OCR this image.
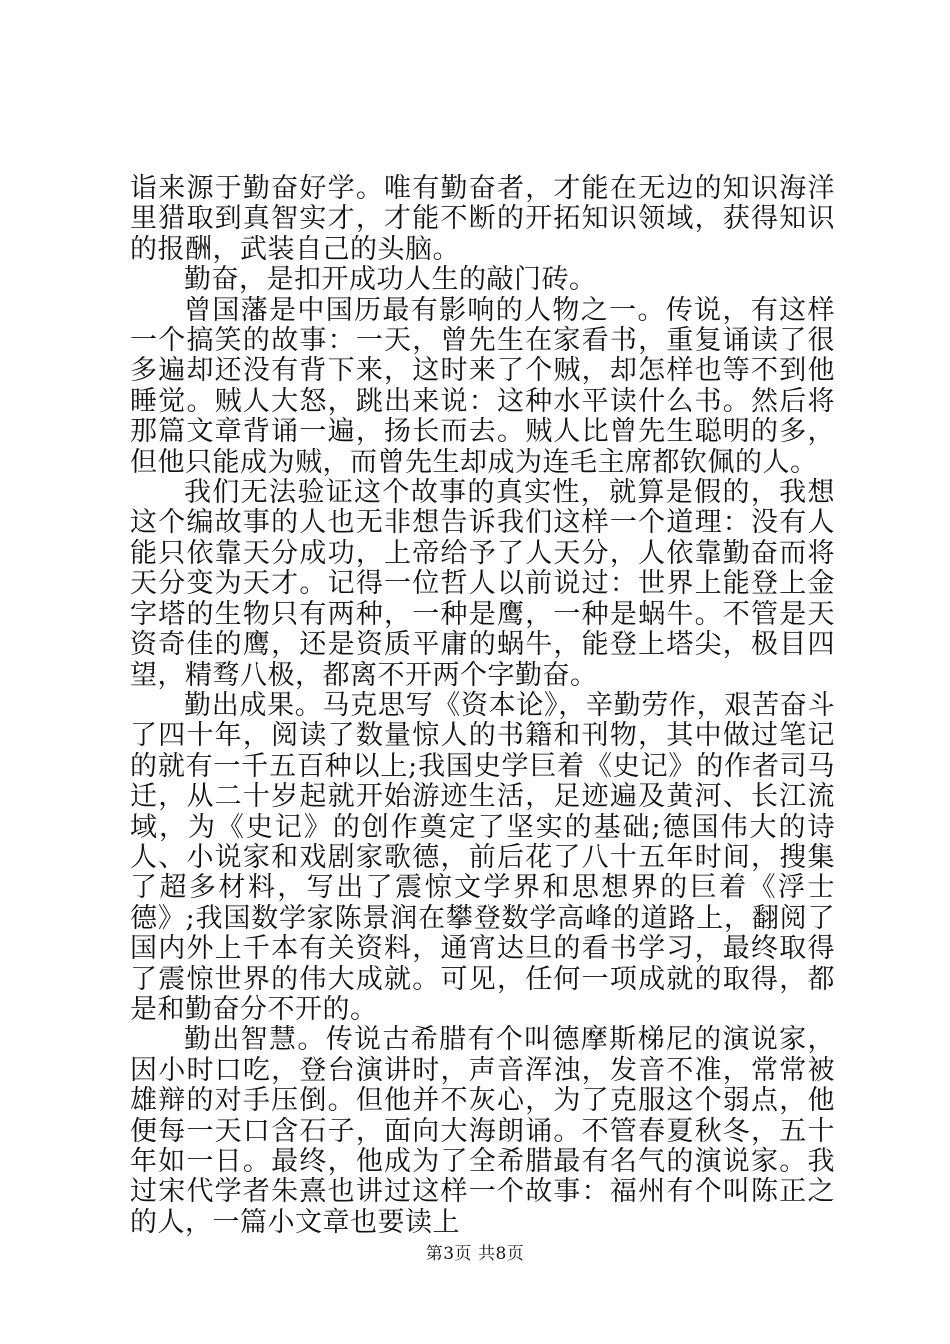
诣来源于勤奋好学。唯有勤奋者，才能在无边的知识海洋里猎取到真智实才，才能不断的开拓知识领域，获得知识的报酬，武装自己的头脑。

勤奋，是扣开成功人生的敲门砖。

曾国藩是中国历最有影响的人物之一。传说，有这样一个搞笑的故事：一天，曾先生在家看书，重复诵读了很多遍却还没有背下来，这时来了个贼，却怎样也等不到他睡觉。贼人大怒，跳出来说：这种水平读什么书。然后将那篇文章背诵一遍，扬长而去。贼人比曾先生聪明的多，但他只能成为贼，而曾先生却成为连毛主席都钦佩的人。

我们无法验证这个故事的真实性，就算是假的，我想这个编故事的人也无非想告诉我们这样一个道理：没有人能只依靠天分成功，上帝给予了人天分，人依靠勤奋而将天分变为天才。记得一位哲人以前说过：世界上能登上金字塔的生物只有两种，一种是鹰，一种是蜗牛。不管是天资奇佳的鹰，还是资质平庸的蜗牛，能登上塔尖，极目四望，精骛八极，都离不开两个字勤奋。

勤出成果。马克思写《资本论》，辛勤劳作，艰苦奋斗了四十年，阅读了数量惊人的书籍和刊物，其中做过笔记的就有一千五百种以上;我国史学巨着《史记》的作者司马迁，从二十岁起就开始游迹生活，足迹遍及黄河、长江流域，为《史记》的创作奠定了坚实的基础;德国伟大的诗人、小说家和戏剧家歌德，前后花了八十五年时间，搜集了超多材料，写出了震惊文学界和思想界的巨着《浮士德》;我国数学家陈景润在攀登数学高峰的道路上，翻阅了国内外上千本有关资料，通宵达旦的看书学习，最终取得了震惊世界的伟大成就。可见，任何一项成就的取得，都是和勤奋分不开的。

勤出智慧。传说古希腊有个叫德摩斯梯尼的演说家，因小时口吃，登台演讲时，声音浑浊，发音不准，常常被雄辩的对手压倒。但他并不灰心，为了克服这个弱点，他便每一天口含石子，面向大海朗诵。不管春夏秋冬，五十年如一日。最终，他成为了全希腊最有名气的演说家。我过宋代学者朱熹也讲过这样一个故事：福州有个叫陈正之的人，一篇小文章也要读上

第3页 共8页
